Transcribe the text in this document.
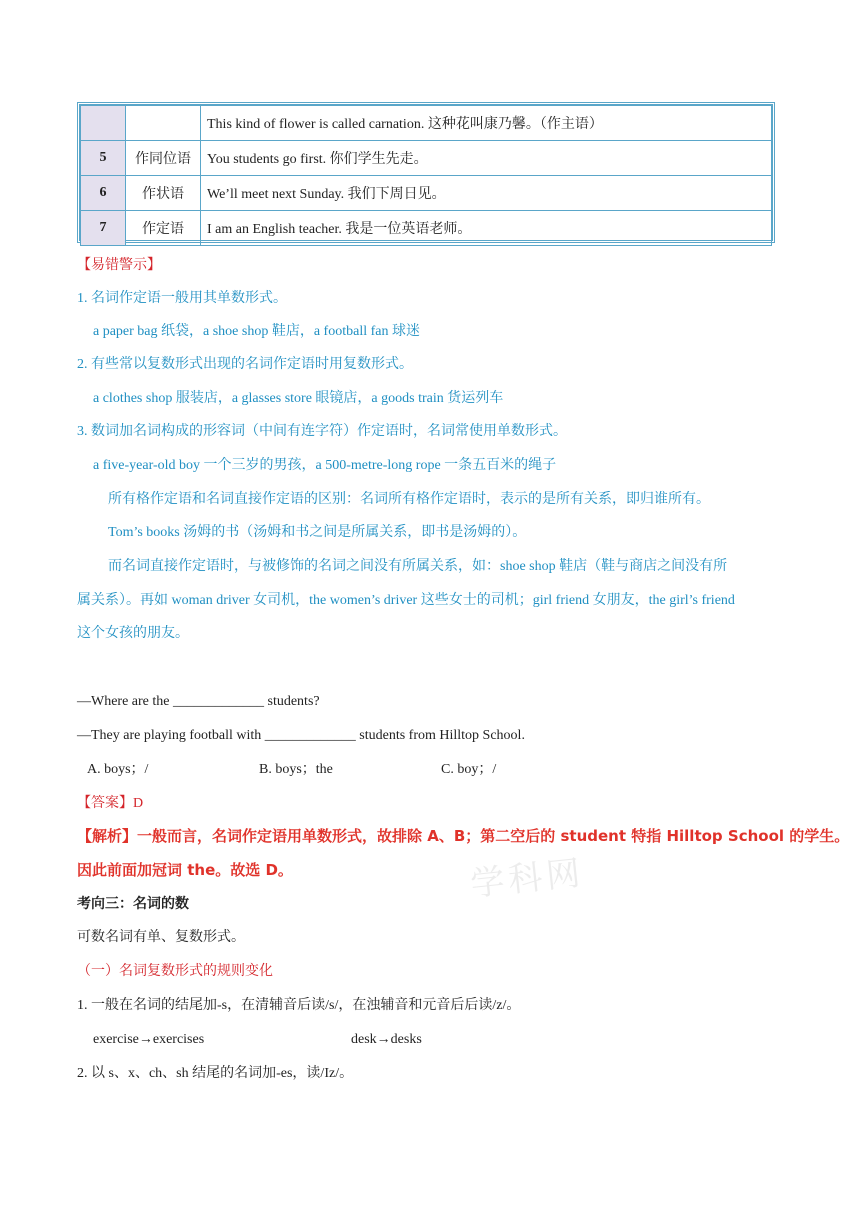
		This kind of flower is called carnation. 这种花叫康乃馨。（作主语）
5	作同位语	You students go first. 你们学生先走。
6	作状语	We’ll meet next Sunday. 我们下周日见。
7	作定语	I am an English teacher. 我是一位英语老师。
【易错警示】
1. 名词作定语一般用其单数形式。
a paper bag 纸袋，a shoe shop 鞋店，a football fan 球迷
2. 有些常以复数形式出现的名词作定语时用复数形式。
a clothes shop 服装店，a glasses store 眼镜店，a goods train 货运列车
3. 数词加名词构成的形容词（中间有连字符）作定语时，名词常使用单数形式。
a five-year-old boy 一个三岁的男孩，a 500-metre-long rope 一条五百米的绳子
所有格作定语和名词直接作定语的区别：名词所有格作定语时，表示的是所有关系，即归谁所有。
Tom’s books 汤姆的书（汤姆和书之间是所属关系，即书是汤姆的）。
而名词直接作定语时，与被修饰的名词之间没有所属关系，如：shoe shop 鞋店（鞋与商店之间没有所
属关系）。再如 woman driver 女司机，the women’s driver 这些女士的司机；girl friend 女朋友，the girl’s friend
这个女孩的朋友。
—Where are the _____________ students?
—They are playing football with _____________ students from Hilltop School.
A. boys；/	B. boys；the	C. boy；/
【答案】D
学科网
【解析】一般而言，名词作定语用单数形式，故排除 A、B；第二空后的 student 特指 Hilltop School 的学生。
因此前面加冠词 the。故选 D。
考向三：名词的数
可数名词有单、复数形式。
（一）名词复数形式的规则变化
1. 一般在名词的结尾加-s，在清辅音后读/s/，在浊辅音和元音后后读/z/。
exercise→exercises	desk→desks
2. 以 s、x、ch、sh 结尾的名词加-es，读/Iz/。
